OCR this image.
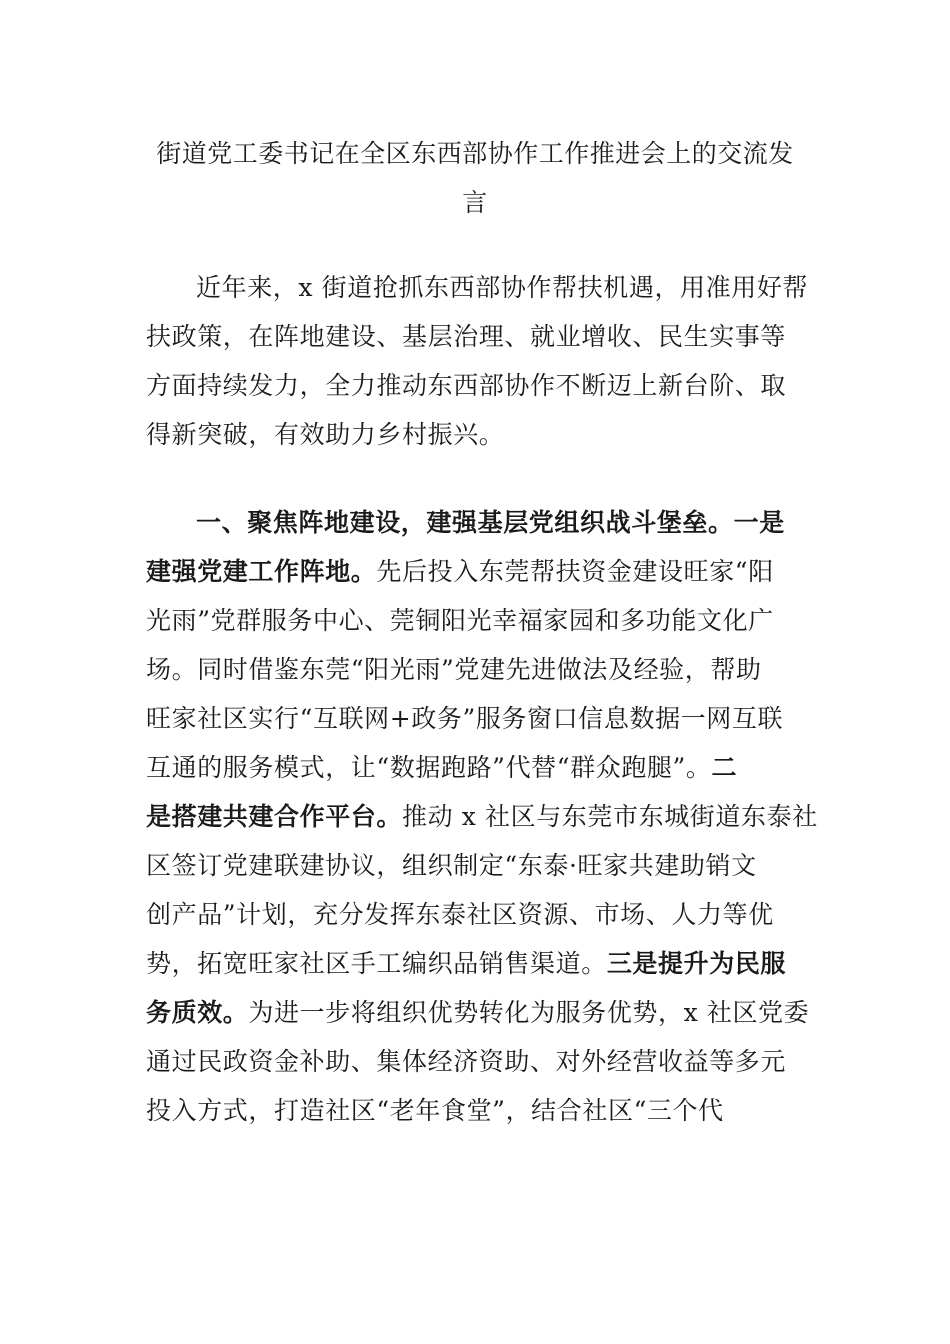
街道党工委书记在全区东西部协作工作推进会上的交流发
言
近年来，x 街道抢抓东西部协作帮扶机遇，用准用好帮
扶政策，在阵地建设、基层治理、就业增收、民生实事等
方面持续发力，全力推动东西部协作不断迈上新台阶、取
得新突破，有效助力乡村振兴。
一、聚焦阵地建设，建强基层党组织战斗堡垒。一是
建强党建工作阵地。先后投入东莞帮扶资金建设旺家“阳
光雨”党群服务中心、莞铜阳光幸福家园和多功能文化广
场。同时借鉴东莞“阳光雨”党建先进做法及经验，帮助
旺家社区实行“互联网+政务”服务窗口信息数据一网互联
互通的服务模式，让“数据跑路”代替“群众跑腿”。二
是搭建共建合作平台。推动 x 社区与东莞市东城街道东泰社
区签订党建联建协议，组织制定“东泰·旺家共建助销文
创产品”计划，充分发挥东泰社区资源、市场、人力等优
势，拓宽旺家社区手工编织品销售渠道。三是提升为民服
务质效。为进一步将组织优势转化为服务优势，x 社区党委
通过民政资金补助、集体经济资助、对外经营收益等多元
投入方式，打造社区“老年食堂”，结合社区“三个代
